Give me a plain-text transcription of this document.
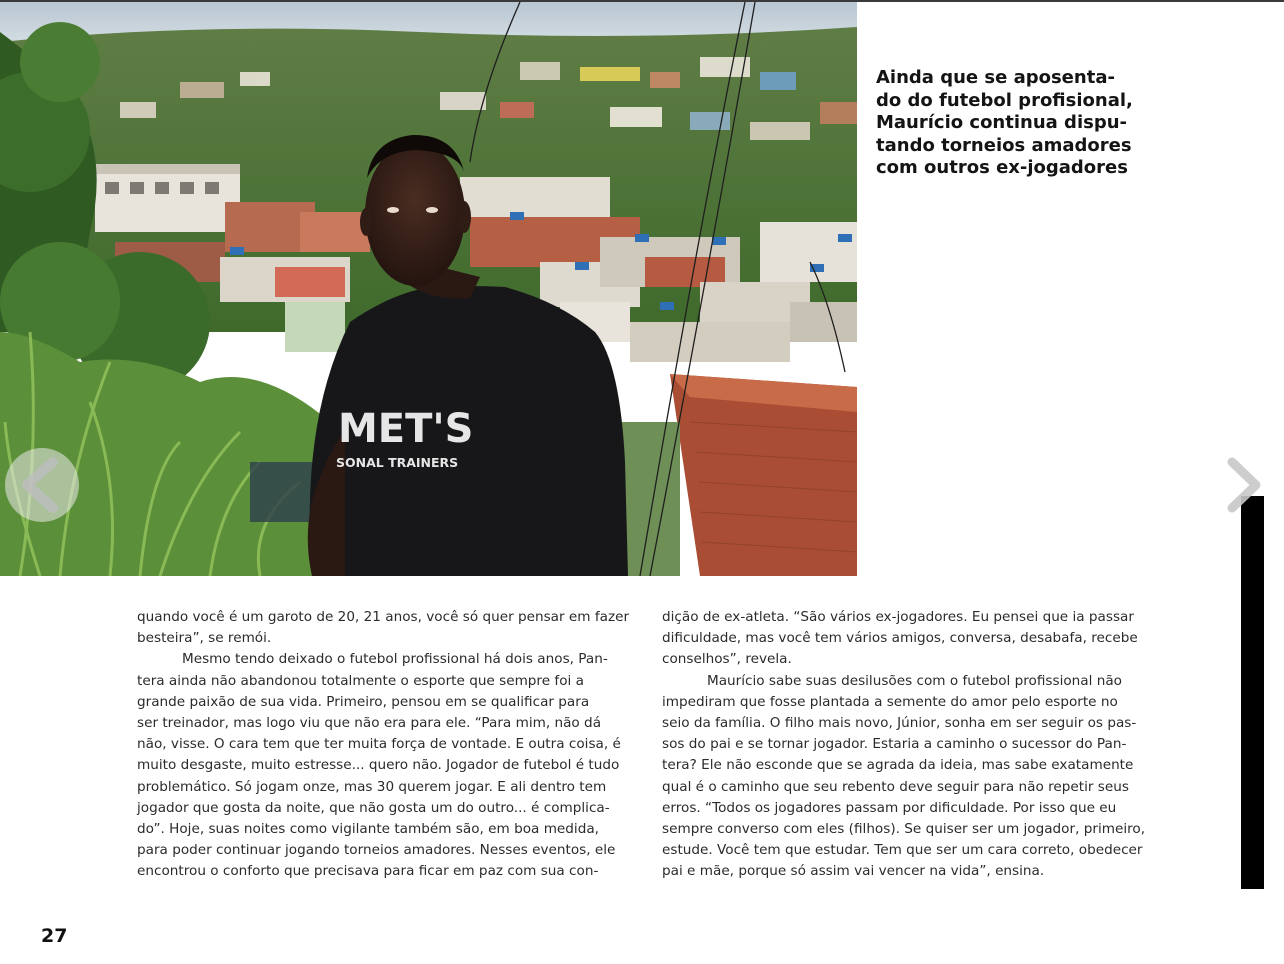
MET'S
SONAL TRAINERS
Ainda que se aposenta-
do do futebol profisional,
Maurício continua dispu-
tando torneios amadores
com outros ex-jogadores
quando você é um garoto de 20, 21 anos, você só quer pensar em fazer
besteira”, se remói.
Mesmo tendo deixado o futebol profissional há dois anos, Pan-
tera ainda não abandonou totalmente o esporte que sempre foi a
grande paixão de sua vida. Primeiro, pensou em se qualificar para
ser treinador, mas logo viu que não era para ele. “Para mim, não dá
não, visse. O cara tem que ter muita força de vontade. E outra coisa, é
muito desgaste, muito estresse... quero não. Jogador de futebol é tudo
problemático. Só jogam onze, mas 30 querem jogar. E ali dentro tem
jogador que gosta da noite, que não gosta um do outro... é complica-
do”. Hoje, suas noites como vigilante também são, em boa medida,
para poder continuar jogando torneios amadores. Nesses eventos, ele
encontrou o conforto que precisava para ficar em paz com sua con-
dição de ex-atleta. “São vários ex-jogadores. Eu pensei que ia passar
dificuldade, mas você tem vários amigos, conversa, desabafa, recebe
conselhos”, revela.
Maurício sabe suas desilusões com o futebol profissional não
impediram que fosse plantada a semente do amor pelo esporte no
seio da família. O filho mais novo, Júnior, sonha em ser seguir os pas-
sos do pai e se tornar jogador. Estaria a caminho o sucessor do Pan-
tera? Ele não esconde que se agrada da ideia, mas sabe exatamente
qual é o caminho que seu rebento deve seguir para não repetir seus
erros. “Todos os jogadores passam por dificuldade. Por isso que eu
sempre converso com eles (filhos). Se quiser ser um jogador, primeiro,
estude. Você tem que estudar. Tem que ser um cara correto, obedecer
pai e mãe, porque só assim vai vencer na vida”, ensina.
27
